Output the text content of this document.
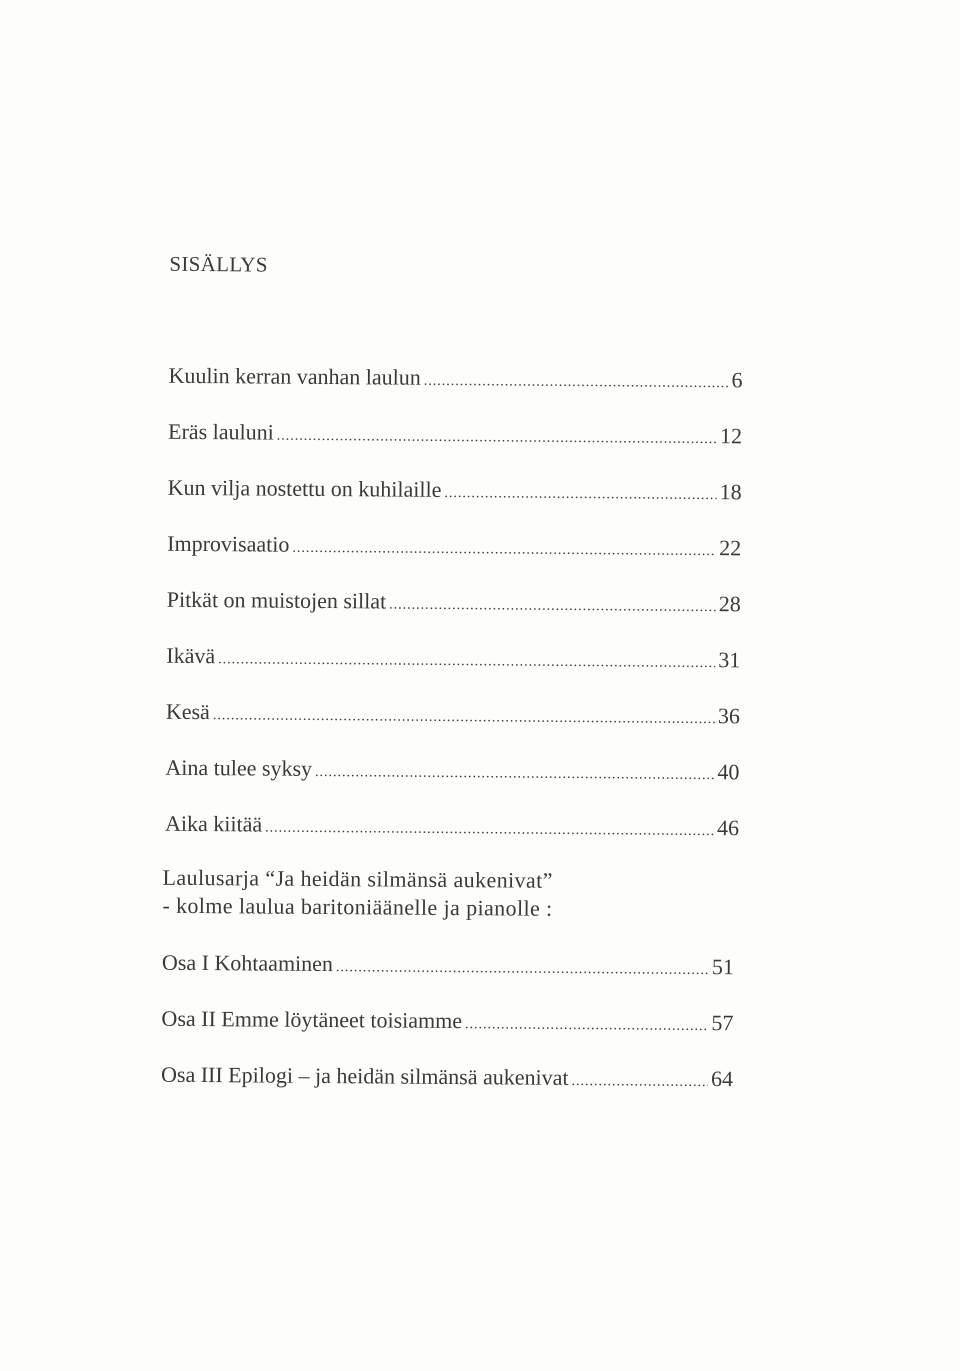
SISÄLLYS
Kuulin kerran vanhan laulun .....	6
Eräs lauluni .....	12
Kun vilja nostettu on kuhilaille .....	18
Improvisaatio .....	22
Pitkät on muistojen sillat .....	28
Ikävä .....	31
Kesä .....	36
Aina tulee syksy .....	40
Aika kiitää .....	46
Laulusarja “Ja heidän silmänsä aukenivat”
- kolme laulua baritoniäänelle ja pianolle :
Osa I Kohtaaminen .....	51
Osa II Emme löytäneet toisiamme .....	57
Osa III Epilogi – ja heidän silmänsä aukenivat .....	64
